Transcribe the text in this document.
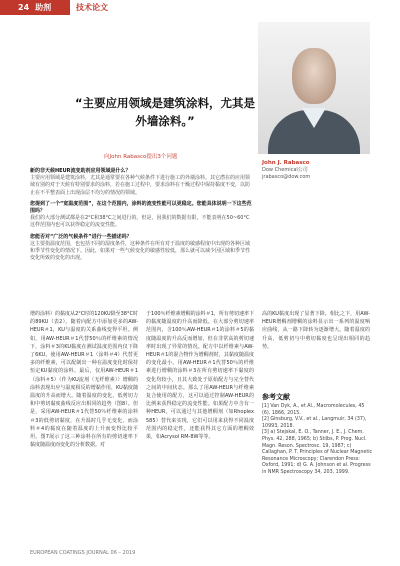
24 助剂	技术论文
“主要应用领域是建筑涂料，尤其是外墙涂料。”
向John Rabasco提出3个问题
John J. Rabasco
Dow Chemical公司
jrabasco@dow.com
新的非天候HEUR流变助剂应用领域是什么？
主要应用领域是建筑涂料，尤其是通常要在各种气候条件下进行施工的外墙涂料。其它潜在的应用领域有别的对于天候有特别要求的涂料，若在施工过程中，要求涂料在干燥过程中保持黏度不变，以防止在不平整表面上出现涂层不均匀的情况的领域。
您提到了一个“宽温度范围”，在这个范围内，涂料的流变性能可以更稳定。您能具体说明一下这些范围吗？
我们的大部分测试都是在2°C和38°C之间进行的。但是，因我们的数据有限，不能表明在50~60°C这样范围内也可以获得稳定的流变性能。
您能否对“广泛的气候条件”进行一些描述吗？
这主要指温度范围，也包括不同的湿度条件，这种条件在所有对于温度的敏感程度中出现的各种区域和季节性变化的情况下。因此，如果对一些气候变化的敏感性较低，那么就可以减少因区域和季节性变化所致的变化的出现。
增的涂料）的黏度从2°C时的120KU降至38°C时的89KU（表2）。随着向配方中添加更多的AW-HEUR＃1，KU与温度的关系曲线变得平坦。例如，用AW-HEUR＃1代替50％的纤维素的情况下，涂料＃3的KU黏度在测试温度范围内仅下降了6KU。使用AW-HEUR＃1（涂料＃4）代替更多的纤维素，可以配制出一种在温度变化时保持恒定KU黏度的涂料。最后，仅用AW-HEUR＃1（涂料＃5）（作为KU流剂（无纤维素））增稠的涂料表现出应与温度相反的增黏作用，KU黏度随温度的升高而增大。随着温度的变化，低剪切力和中剪切黏度曲线反应出相同的趋势（图8）。但是，采用AW-HEUR＃1代替50％纤维素的涂料＃3的低剪切黏度，在升温时几乎无变化，而涂料＃4的黏度在随着温度的上升而变得比较平坦。图7展示了这三种涂料在所有的剪切速率下黏度随温度而变化的分析数据。对
于100％纤维素增稠的涂料＃1，所有剪切速率下的黏度随温度的升高而降低。在大部分剪切速率范围内，含100％AW-HEUR＃1的涂料＃5的黏度随温度的升高反而增加，但在非常高的剪切速率时出现了异常的情况。配方中以纤维素与AW-HEUR＃1的混合物作为增稠剂时，其黏度随温度的变化最小。用AW-HEUR＃1代替50％的纤维素进行增稠的涂料＃3在所有剪切速率下黏度的变化均较小，且其大致处于原始配方与完全替代之间的中间状态。那么了用AW-HEUR与纤维素复合使用的配方，这可以通过控制AW-HEUR的比例来获得稳定的流变性能。如果配方中含有一种HEUR，可以通过与其他增稠剂（如Rhoplex 585）替代来实现，它们可以用来获得不同温度范围内的稳定性，还能获得其它方面的增稠效果，如Acrysol RM-8W等等。
高的KU黏度出现了显著下降。相比之下，用AW-HEUR增稠剂增稠的涂料显示出一系列的温度响应曲线，从一路下降转为逐渐增大。随着温度的升高，低剪切与中剪切黏度也呈现出相同的趋势。
参考文献
[1] Van Dyk, A., et Al., Macromolecules, 45 (6), 1866, 2015.
[2] Ginsburg, V.V., et al., Langmuir, 34 (37), 10993, 2018.
[3] a) Stejskal, E. O., Tanner, J. E., J. Chem. Phys. 42, 288, 1965; b) Stilbs, P. Prog. Nucl. Magn. Reson. Spectrosc. 19, 1987; c) Callaghan, P. T. Principles of Nuclear Magnetic Resonance Microscopy; Clarendon Press: Oxford, 1991; d) G. A. Johnson et al. Progress in NMR Spectroscopy 34, 203, 1999.
EUROPEAN COATINGS JOURNAL 06 – 2019
